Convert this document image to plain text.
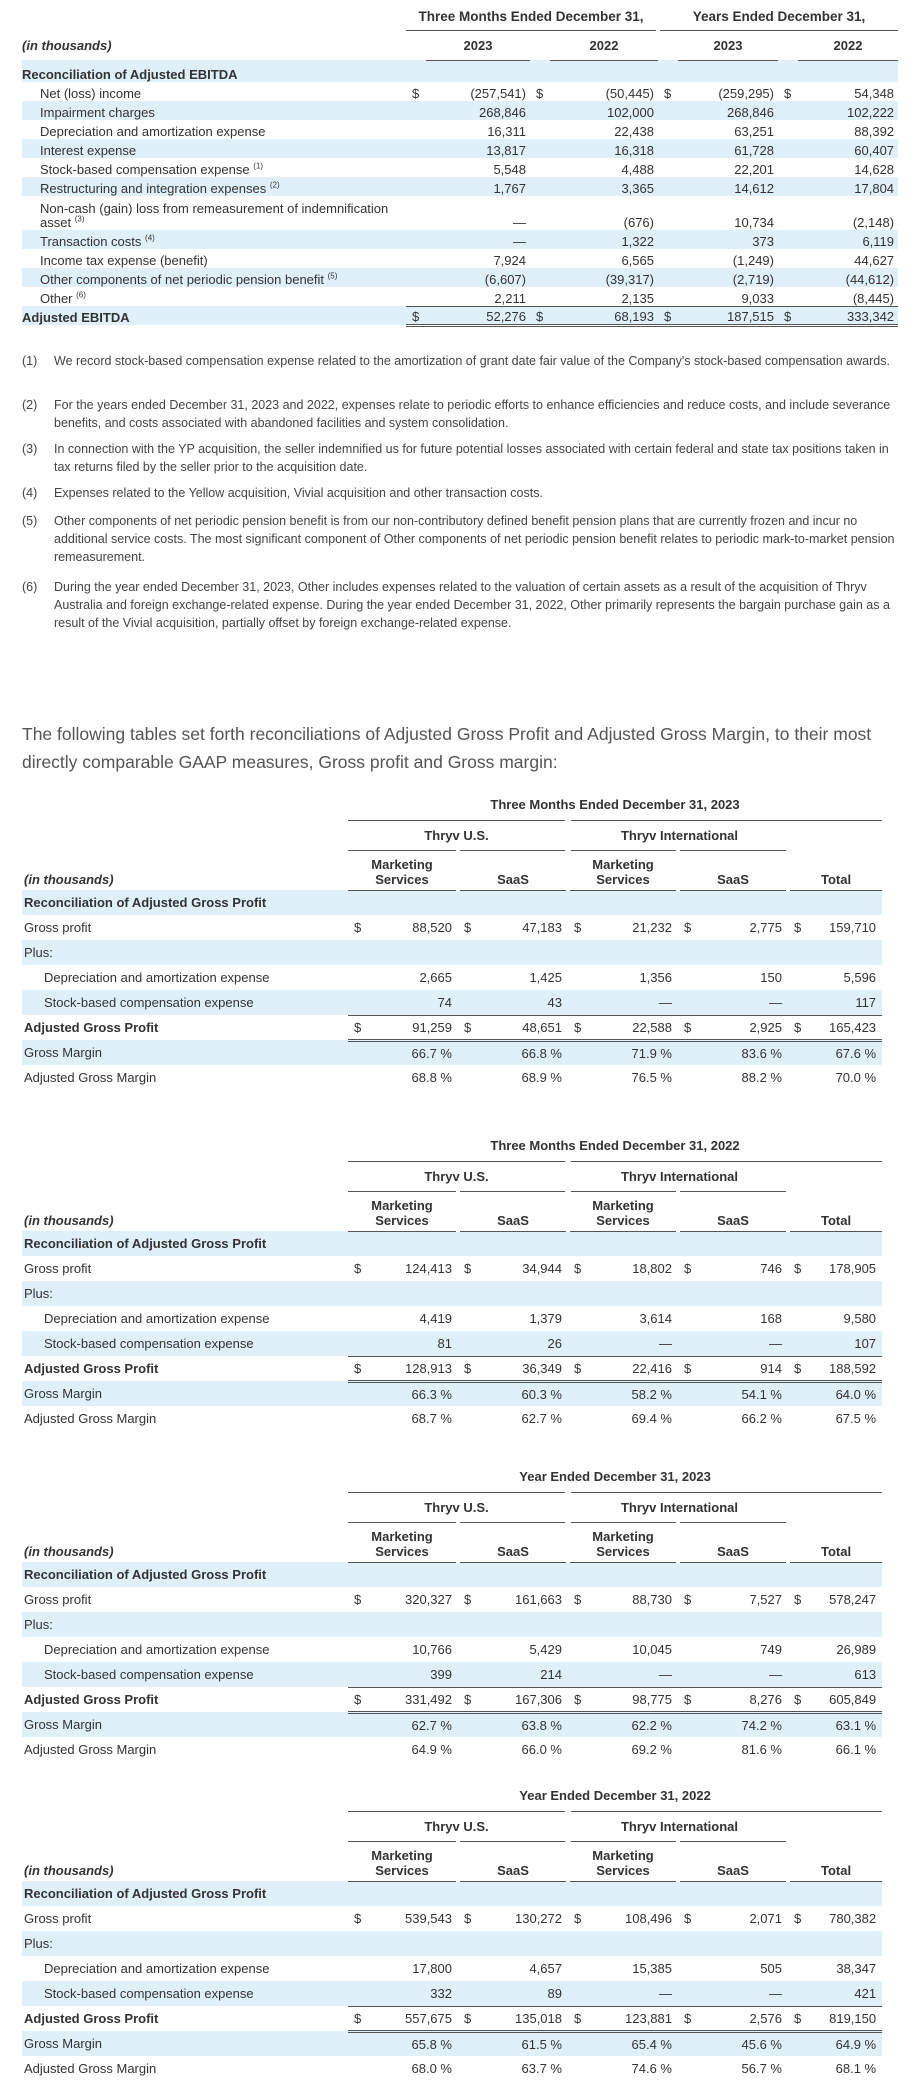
	Three Months Ended December 31,				Years Ended December 31,			
(in thousands)		2023		2022		2023		2022
Reconciliation of Adjusted EBITDA								
Net (loss) income	$	(257,541)	$	(50,445)	$	(259,295)	$	54,348
Impairment charges		268,846		102,000		268,846		102,222
Depreciation and amortization expense		16,311		22,438		63,251		88,392
Interest expense		13,817		16,318		61,728		60,407
Stock-based compensation expense $^{(1)}$		5,548		4,488		22,201		14,628
Restructuring and integration expenses $^{(2)}$		1,767		3,365		14,612		17,804
Non-cash (gain) loss from remeasurement of indemnification asset $^{(3)}$		—		(676)		10,734		(2,148)
Transaction costs $^{(4)}$		—		1,322		373		6,119
Income tax expense (benefit)		7,924		6,565		(1,249)		44,627
Other components of net periodic pension benefit $^{(5)}$		(6,607)		(39,317)		(2,719)		(44,612)
Other $^{(6)}$		2,211		2,135		9,033		(8,445)
Adjusted EBITDA	$	52,276	$	68,193	$	187,515	$	333,342
(1) We record stock-based compensation expense related to the amortization of grant date fair value of the Company's stock-based compensation awards.
(2) For the years ended December 31, 2023 and 2022, expenses relate to periodic efforts to enhance efficiencies and reduce costs, and include severance benefits, and costs associated with abandoned facilities and system consolidation.
(3) In connection with the YP acquisition, the seller indemnified us for future potential losses associated with certain federal and state tax positions taken in tax returns filed by the seller prior to the acquisition date.
(4) Expenses related to the Yellow acquisition, Vivial acquisition and other transaction costs.
(5) Other components of net periodic pension benefit is from our non-contributory defined benefit pension plans that are currently frozen and incur no additional service costs. The most significant component of Other components of net periodic pension benefit relates to periodic mark-to-market pension remeasurement.
(6) During the year ended December 31, 2023, Other includes expenses related to the valuation of certain assets as a result of the acquisition of Thryv Australia and foreign exchange-related expense. During the year ended December 31, 2022, Other primarily represents the bargain purchase gain as a result of the Vivial acquisition, partially offset by foreign exchange-related expense.
The following tables set forth reconciliations of Adjusted Gross Profit and Adjusted Gross Margin, to their most directly comparable GAAP measures, Gross profit and Gross margin:
	Three Months Ended December 31, 2023									
	Thryv U.S.				Thryv International					
(in thousands)	Marketing Services		SaaS		Marketing Services		SaaS		Total	
Reconciliation of Adjusted Gross Profit										
Gross profit	$	88,520	$	47,183	$	21,232	$	2,775	$	159,710
Plus:										
Depreciation and amortization expense		2,665		1,425		1,356		150		5,596
Stock-based compensation expense		74		43		—		—		117
Adjusted Gross Profit	$	91,259	$	48,651	$	22,588	$	2,925	$	165,423
Gross Margin		66.7 %		66.8 %		71.9 %		83.6 %		67.6 %
Adjusted Gross Margin		68.8 %		68.9 %		76.5 %		88.2 %		70.0 %
	Three Months Ended December 31, 2022									
	Thryv U.S.				Thryv International					
(in thousands)	Marketing Services		SaaS		Marketing Services		SaaS		Total	
Reconciliation of Adjusted Gross Profit										
Gross profit	$	124,413	$	34,944	$	18,802	$	746	$	178,905
Plus:										
Depreciation and amortization expense		4,419		1,379		3,614		168		9,580
Stock-based compensation expense		81		26		—		—		107
Adjusted Gross Profit	$	128,913	$	36,349	$	22,416	$	914	$	188,592
Gross Margin		66.3 %		60.3 %		58.2 %		54.1 %		64.0 %
Adjusted Gross Margin		68.7 %		62.7 %		69.4 %		66.2 %		67.5 %
	Year Ended December 31, 2023									
	Thryv U.S.				Thryv International					
(in thousands)	Marketing Services		SaaS		Marketing Services		SaaS		Total	
Reconciliation of Adjusted Gross Profit										
Gross profit	$	320,327	$	161,663	$	88,730	$	7,527	$	578,247
Plus:										
Depreciation and amortization expense		10,766		5,429		10,045		749		26,989
Stock-based compensation expense		399		214		—		—		613
Adjusted Gross Profit	$	331,492	$	167,306	$	98,775	$	8,276	$	605,849
Gross Margin		62.7 %		63.8 %		62.2 %		74.2 %		63.1 %
Adjusted Gross Margin		64.9 %		66.0 %		69.2 %		81.6 %		66.1 %
	Year Ended December 31, 2022									
	Thryv U.S.				Thryv International					
(in thousands)	Marketing Services		SaaS		Marketing Services		SaaS		Total	
Reconciliation of Adjusted Gross Profit										
Gross profit	$	539,543	$	130,272	$	108,496	$	2,071	$	780,382
Plus:										
Depreciation and amortization expense		17,800		4,657		15,385		505		38,347
Stock-based compensation expense		332		89		—		—		421
Adjusted Gross Profit	$	557,675	$	135,018	$	123,881	$	2,576	$	819,150
Gross Margin		65.8 %		61.5 %		65.4 %		45.6 %		64.9 %
Adjusted Gross Margin		68.0 %		63.7 %		74.6 %		56.7 %		68.1 %
